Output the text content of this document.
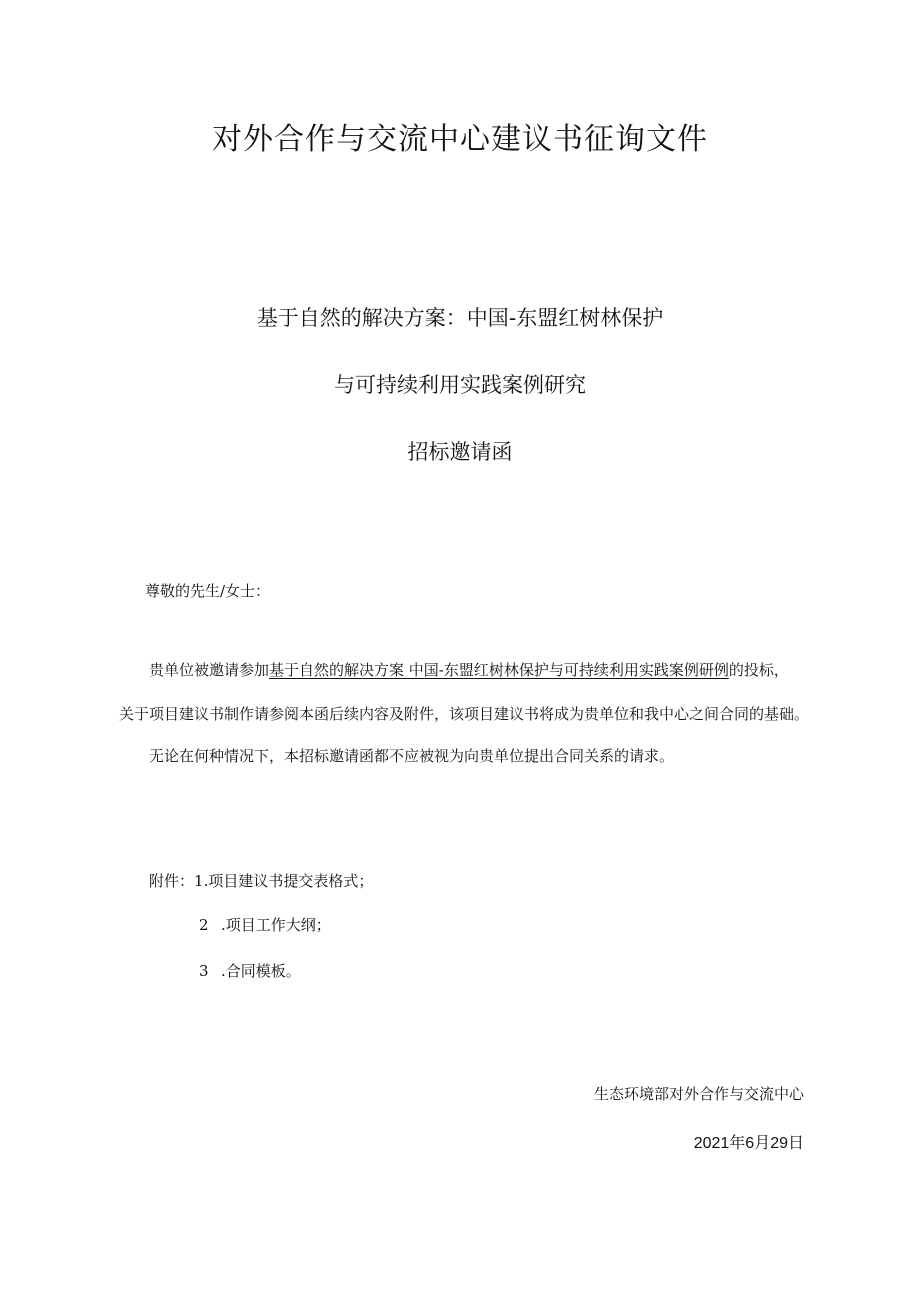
对外合作与交流中心建议书征询文件
基于自然的解决方案：中国-东盟红树林保护
与可持续利用实践案例研究
招标邀请函
尊敬的先生/女士：
贵单位被邀请参加基于自然的解决方案 中国-东盟红树林保护与可持续利用实践案例研例的投标，
关于项目建议书制作请参阅本函后续内容及附件，该项目建议书将成为贵单位和我中心之间合同的基础。
无论在何种情况下，本招标邀请函都不应被视为向贵单位提出合同关系的请求。
附件：1.项目建议书提交表格式；
2 .项目工作大纲；
3 .合同模板。
生态环境部对外合作与交流中心
2021年6月29日
